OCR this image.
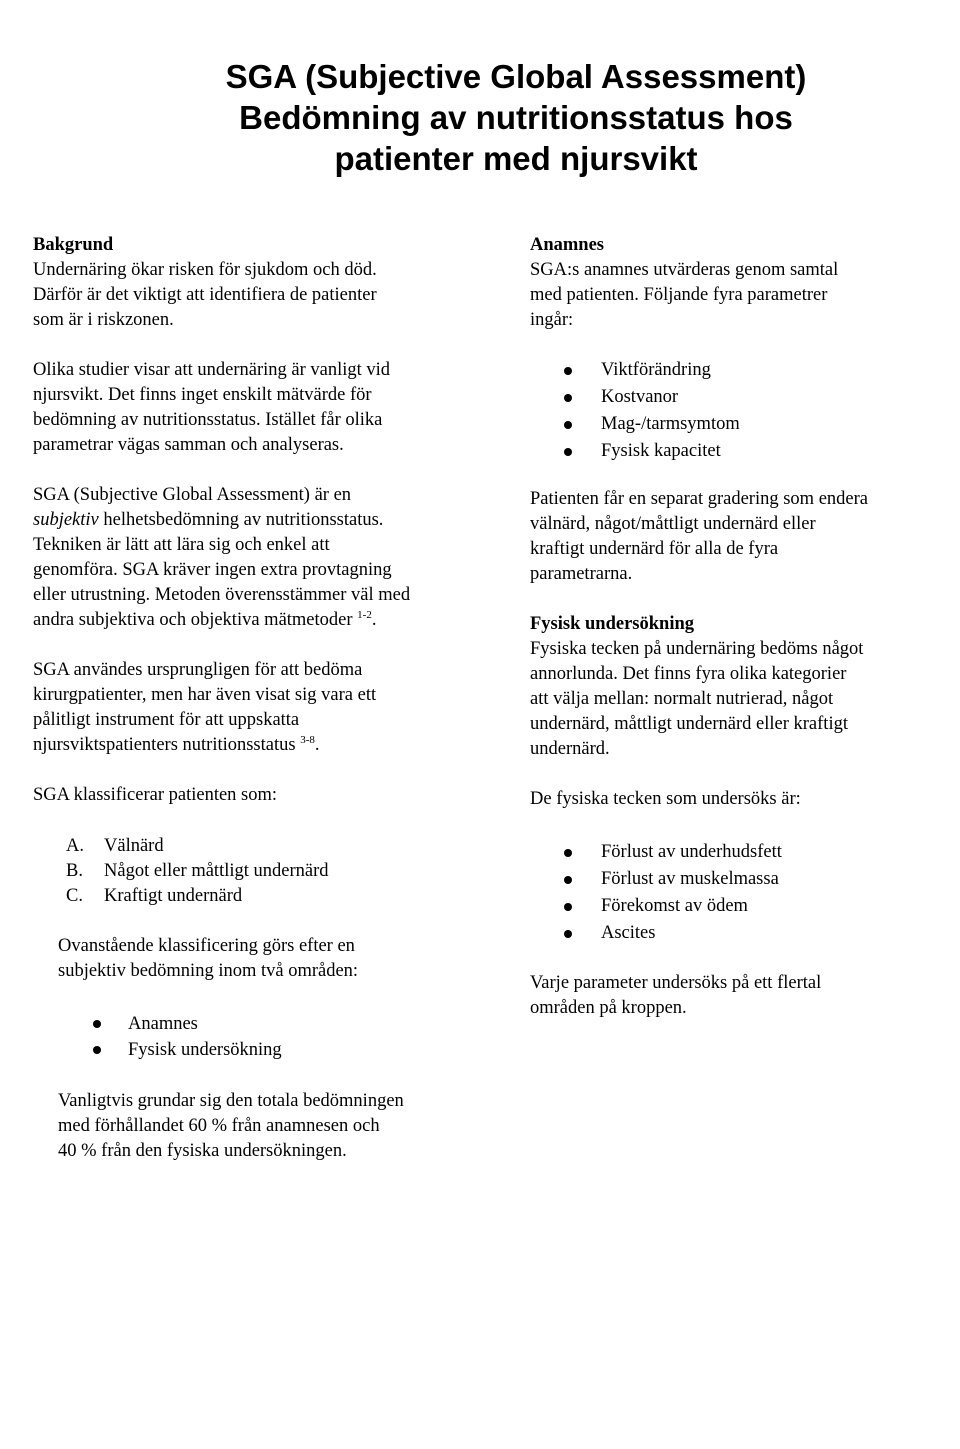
SGA (Subjective Global Assessment)
Bedömning av nutritionsstatus hos
patienter med njursvikt

Bakgrund

Undernäring ökar risken för sjukdom och död.
Därför är det viktigt att identifiera de patienter
som är i riskzonen.

Olika studier visar att undernäring är vanligt vid
njursvikt. Det finns inget enskilt mätvärde för
bedömning av nutritionsstatus. Istället får olika
parametrar vägas samman och analyseras.

SGA (Subjective Global Assessment) är en
subjektiv helhetsbedömning av nutritionsstatus.
Tekniken är lätt att lära sig och enkel att
genomföra. SGA kräver ingen extra provtagning
eller utrustning. Metoden överensstämmer väl med
andra subjektiva och objektiva mätmetoder $^{1-2}$.

SGA användes ursprungligen för att bedöma
kirurgpatienter, men har även visat sig vara ett
pålitligt instrument för att uppskatta
njursviktspatienters nutritionsstatus $^{3-8}$.

SGA klassificerar patienten som:

A. Välnärd
B. Något eller måttligt undernärd
C. Kraftigt undernärd

Ovanstående klassificering görs efter en
subjektiv bedömning inom två områden:

Anamnes
Fysisk undersökning

Vanligtvis grundar sig den totala bedömningen
med förhållandet 60 % från anamnesen och
40 % från den fysiska undersökningen.

Anamnes

SGA:s anamnes utvärderas genom samtal
med patienten. Följande fyra parametrer
ingår:

Viktförändring
Kostvanor
Mag-/tarmsymtom
Fysisk kapacitet

Patienten får en separat gradering som endera
välnärd, något/måttligt undernärd eller
kraftigt undernärd för alla de fyra
parametrarna.

Fysisk undersökning

Fysiska tecken på undernäring bedöms något
annorlunda. Det finns fyra olika kategorier
att välja mellan: normalt nutrierad, något
undernärd, måttligt undernärd eller kraftigt
undernärd.

De fysiska tecken som undersöks är:

Förlust av underhudsfett
Förlust av muskelmassa
Förekomst av ödem
Ascites

Varje parameter undersöks på ett flertal
områden på kroppen.
